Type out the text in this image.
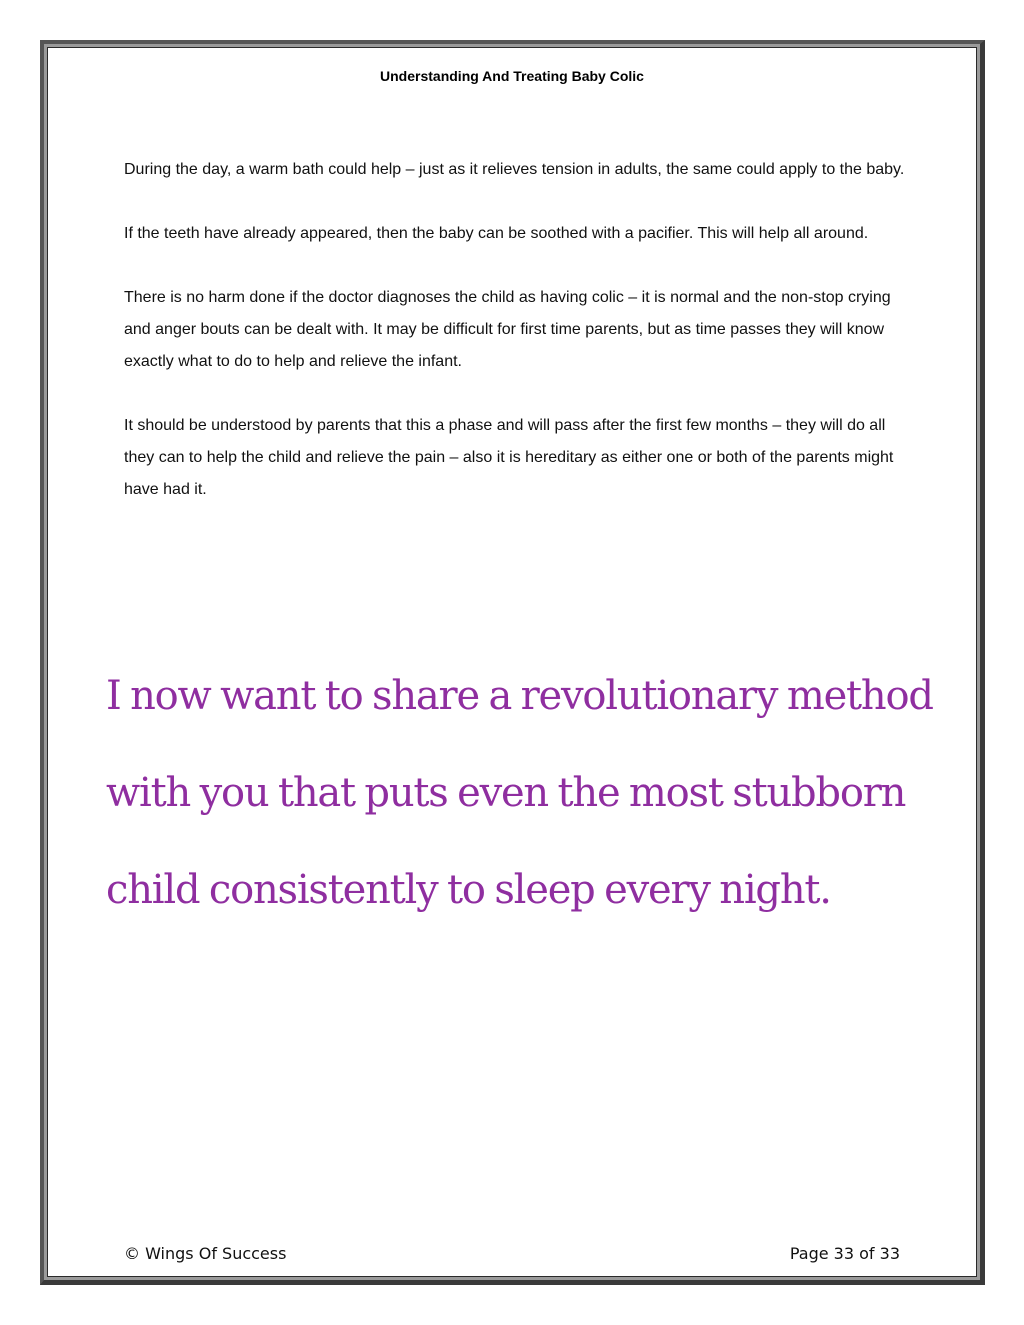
Understanding And Treating Baby Colic

During the day, a warm bath could help – just as it relieves tension in adults, the same could apply to the baby.

If the teeth have already appeared, then the baby can be soothed with a pacifier. This will help all around.

There is no harm done if the doctor diagnoses the child as having colic – it is normal and the non-stop crying and anger bouts can be dealt with. It may be difficult for first time parents, but as time passes they will know exactly what to do to help and relieve the infant.

It should be understood by parents that this a phase and will pass after the first few months – they will do all they can to help the child and relieve the pain – also it is hereditary as either one or both of the parents might have had it.

I now want to share a revolutionary method with you that puts even the most stubborn child consistently to sleep every night.
© Wings Of Success	Page 33 of 33
